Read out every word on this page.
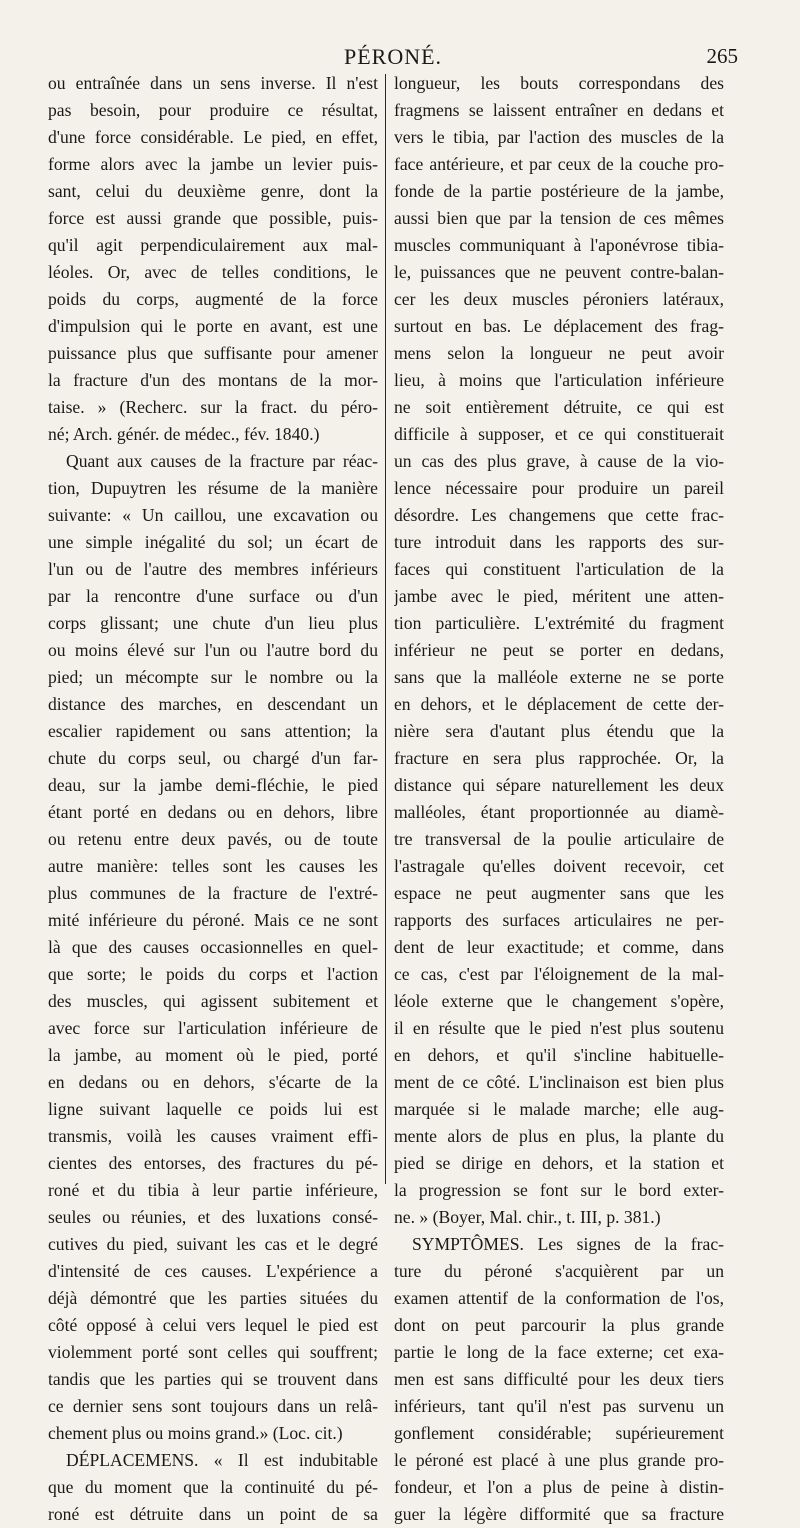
PÉRONÉ.	265
ou entraînée dans un sens inverse. Il n'est
pas besoin, pour produire ce résultat,
d'une force considérable. Le pied, en effet,
forme alors avec la jambe un levier puis-
sant, celui du deuxième genre, dont la
force est aussi grande que possible, puis-
qu'il agit perpendiculairement aux mal-
léoles. Or, avec de telles conditions, le
poids du corps, augmenté de la force
d'impulsion qui le porte en avant, est une
puissance plus que suffisante pour amener
la fracture d'un des montans de la mor-
taise. » (Recherc. sur la fract. du péro-
né; Arch. génér. de médec., fév. 1840.)
Quant aux causes de la fracture par réac-
tion, Dupuytren les résume de la manière
suivante: « Un caillou, une excavation ou
une simple inégalité du sol; un écart de
l'un ou de l'autre des membres inférieurs
par la rencontre d'une surface ou d'un
corps glissant; une chute d'un lieu plus
ou moins élevé sur l'un ou l'autre bord du
pied; un mécompte sur le nombre ou la
distance des marches, en descendant un
escalier rapidement ou sans attention; la
chute du corps seul, ou chargé d'un far-
deau, sur la jambe demi-fléchie, le pied
étant porté en dedans ou en dehors, libre
ou retenu entre deux pavés, ou de toute
autre manière: telles sont les causes les
plus communes de la fracture de l'extré-
mité inférieure du péroné. Mais ce ne sont
là que des causes occasionnelles en quel-
que sorte; le poids du corps et l'action
des muscles, qui agissent subitement et
avec force sur l'articulation inférieure de
la jambe, au moment où le pied, porté
en dedans ou en dehors, s'écarte de la
ligne suivant laquelle ce poids lui est
transmis, voilà les causes vraiment effi-
cientes des entorses, des fractures du pé-
roné et du tibia à leur partie inférieure,
seules ou réunies, et des luxations consé-
cutives du pied, suivant les cas et le degré
d'intensité de ces causes. L'expérience a
déjà démontré que les parties situées du
côté opposé à celui vers lequel le pied est
violemment porté sont celles qui souffrent;
tandis que les parties qui se trouvent dans
ce dernier sens sont toujours dans un relâ-
chement plus ou moins grand.» (Loc. cit.)
DÉPLACEMENS. « Il est indubitable
que du moment que la continuité du pé-
roné est détruite dans un point de sa
longueur, les bouts correspondans des
fragmens se laissent entraîner en dedans et
vers le tibia, par l'action des muscles de la
face antérieure, et par ceux de la couche pro-
fonde de la partie postérieure de la jambe,
aussi bien que par la tension de ces mêmes
muscles communiquant à l'aponévrose tibia-
le, puissances que ne peuvent contre-balan-
cer les deux muscles péroniers latéraux,
surtout en bas. Le déplacement des frag-
mens selon la longueur ne peut avoir
lieu, à moins que l'articulation inférieure
ne soit entièrement détruite, ce qui est
difficile à supposer, et ce qui constituerait
un cas des plus grave, à cause de la vio-
lence nécessaire pour produire un pareil
désordre. Les changemens que cette frac-
ture introduit dans les rapports des sur-
faces qui constituent l'articulation de la
jambe avec le pied, méritent une atten-
tion particulière. L'extrémité du fragment
inférieur ne peut se porter en dedans,
sans que la malléole externe ne se porte
en dehors, et le déplacement de cette der-
nière sera d'autant plus étendu que la
fracture en sera plus rapprochée. Or, la
distance qui sépare naturellement les deux
malléoles, étant proportionnée au diamè-
tre transversal de la poulie articulaire de
l'astragale qu'elles doivent recevoir, cet
espace ne peut augmenter sans que les
rapports des surfaces articulaires ne per-
dent de leur exactitude; et comme, dans
ce cas, c'est par l'éloignement de la mal-
léole externe que le changement s'opère,
il en résulte que le pied n'est plus soutenu
en dehors, et qu'il s'incline habituelle-
ment de ce côté. L'inclinaison est bien plus
marquée si le malade marche; elle aug-
mente alors de plus en plus, la plante du
pied se dirige en dehors, et la station et
la progression se font sur le bord exter-
ne. » (Boyer, Mal. chir., t. III, p. 381.)
SYMPTÔMES. Les signes de la frac-
ture du péroné s'acquièrent par un
examen attentif de la conformation de l'os,
dont on peut parcourir la plus grande
partie le long de la face externe; cet exa-
men est sans difficulté pour les deux tiers
inférieurs, tant qu'il n'est pas survenu un
gonflement considérable; supérieurement
le péroné est placé à une plus grande pro-
fondeur, et l'on a plus de peine à distin-
guer la légère difformité que sa fracture
